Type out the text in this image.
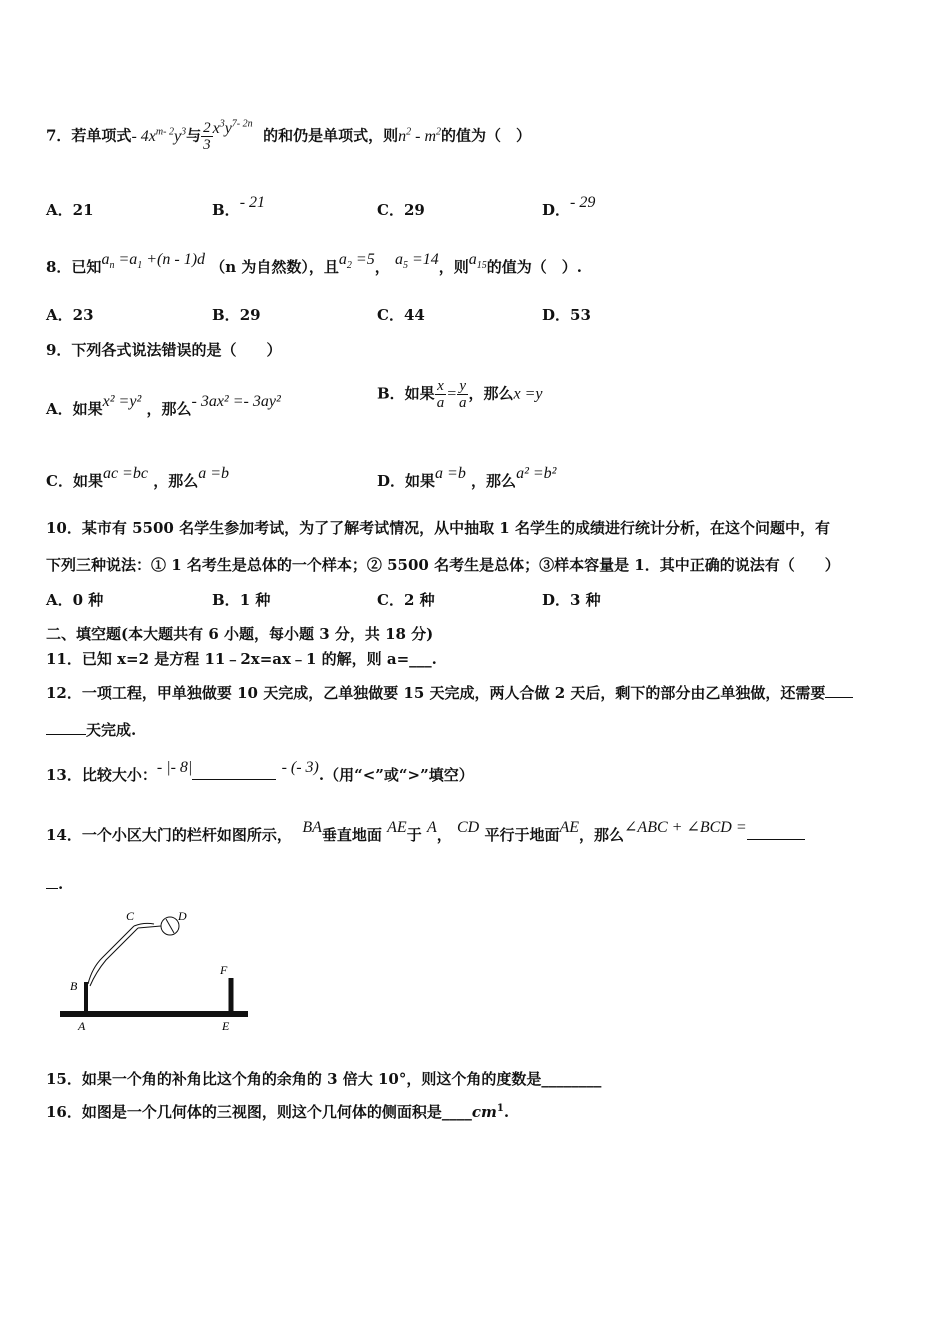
7．若单项式- $4x^{m- 2}y^3$与 $\frac{2}{3} x^3y^{7- 2n}$  的和仍是单项式，则$n^2 - m^2$的值为（　）
A．21	B．- 21	C．29	D．- 29
8．已知$a_n =a_1 +(n - 1)d$ （n 为自然数），且$a_2 =5$， $a_5 =14$，则$a_{15}$的值为（　）.
A．23	B．29	C．44	D．53
9．下列各式说法错误的是（　　）
A．如果x² =y² ，那么- 3ax² =- 3ay²	B．如果 $\frac{x}{a} = \frac{y}{a}$ ，那么x =y
C．如果ac =bc ，那么a =b	D．如果a =b ，那么a² =b²
10．某市有 5500 名学生参加考试，为了了解考试情况，从中抽取 1 名学生的成绩进行统计分析，在这个问题中，有
下列三种说法：① 1 名考生是总体的一个样本；② 5500 名考生是总体；③样本容量是 1．其中正确的说法有（　　）
A．0 种	B．1 种	C．2 种	D．3 种
二、填空题(本大题共有 6 小题，每小题 3 分，共 18 分)
11．已知 x=2 是方程 11﹣2x=ax﹣1 的解，则 a=___.
12．一项工程，甲单独做要 10 天完成，乙单独做要 15 天完成，两人合做 2 天后，剩下的部分由乙单独做，还需要
天完成.
13．比较大小：- |- 8|	- (- 3).（用“<”或“>”填空）
14．一个小区大门的栏杆如图所示， BA垂直地面 AE于 A， CD 平行于地面AE，那么∠ABC + ∠BCD =
.
B
A
C	D
F
E
15．如果一个角的补角比这个角的余角的 3 倍大 10°，则这个角的度数是________
16．如图是一个几何体的三视图，则这个几何体的侧面积是$\_\_\_\_cm^1$.
